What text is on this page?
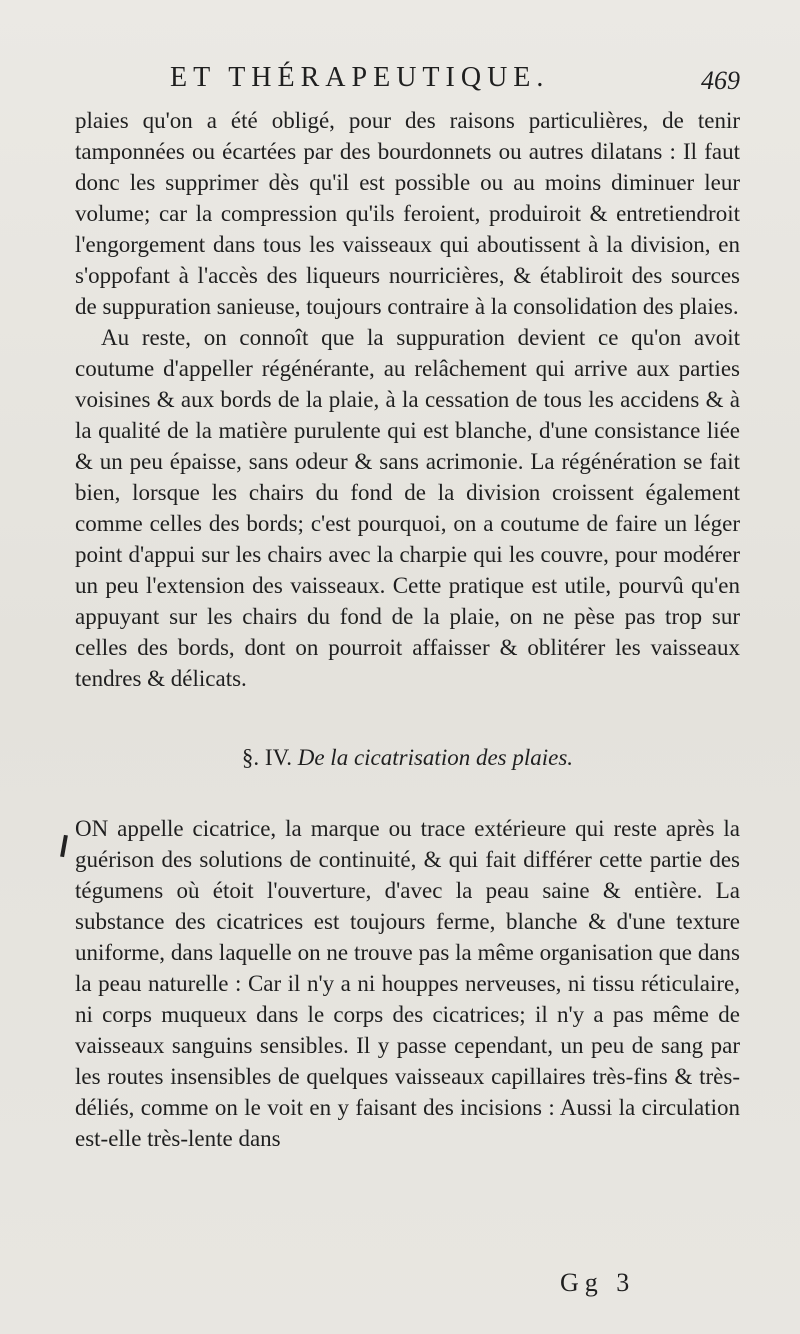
ET THÉRAPEUTIQUE.	469

plaies qu'on a été obligé, pour des raisons particulières, de tenir tamponnées ou écartées par des bourdonnets ou autres dilatans : Il faut donc les supprimer dès qu'il est possible ou au moins diminuer leur volume; car la compression qu'ils feroient, produiroit & entretiendroit l'engorgement dans tous les vaisseaux qui aboutissent à la division, en s'oppofant à l'accès des liqueurs nourricières, & établiroit des sources de suppuration sanieuse, toujours contraire à la consolidation des plaies.

Au reste, on connoît que la suppuration devient ce qu'on avoit coutume d'appeller régénérante, au relâchement qui arrive aux parties voisines & aux bords de la plaie, à la cessation de tous les accidens & à la qualité de la matière purulente qui est blanche, d'une consistance liée & un peu épaisse, sans odeur & sans acrimonie. La régénération se fait bien, lorsque les chairs du fond de la division croissent également comme celles des bords; c'est pourquoi, on a coutume de faire un léger point d'appui sur les chairs avec la charpie qui les couvre, pour modérer un peu l'extension des vaisseaux. Cette pratique est utile, pourvû qu'en appuyant sur les chairs du fond de la plaie, on ne pèse pas trop sur celles des bords, dont on pourroit affaisser & oblitérer les vaisseaux tendres & délicats.

§. IV. De la cicatrisation des plaies.

ON appelle cicatrice, la marque ou trace extérieure qui reste après la guérison des solutions de continuité, & qui fait différer cette partie des tégumens où étoit l'ouverture, d'avec la peau saine & entière. La substance des cicatrices est toujours ferme, blanche & d'une texture uniforme, dans laquelle on ne trouve pas la même organisation que dans la peau naturelle : Car il n'y a ni houppes nerveuses, ni tissu réticulaire, ni corps muqueux dans le corps des cicatrices; il n'y a pas même de vaisseaux sanguins sensibles. Il y passe cependant, un peu de sang par les routes insensibles de quelques vaisseaux capillaires très-fins & très-déliés, comme on le voit en y faisant des incisions : Aussi la circulation est-elle très-lente dans

Gg 3
